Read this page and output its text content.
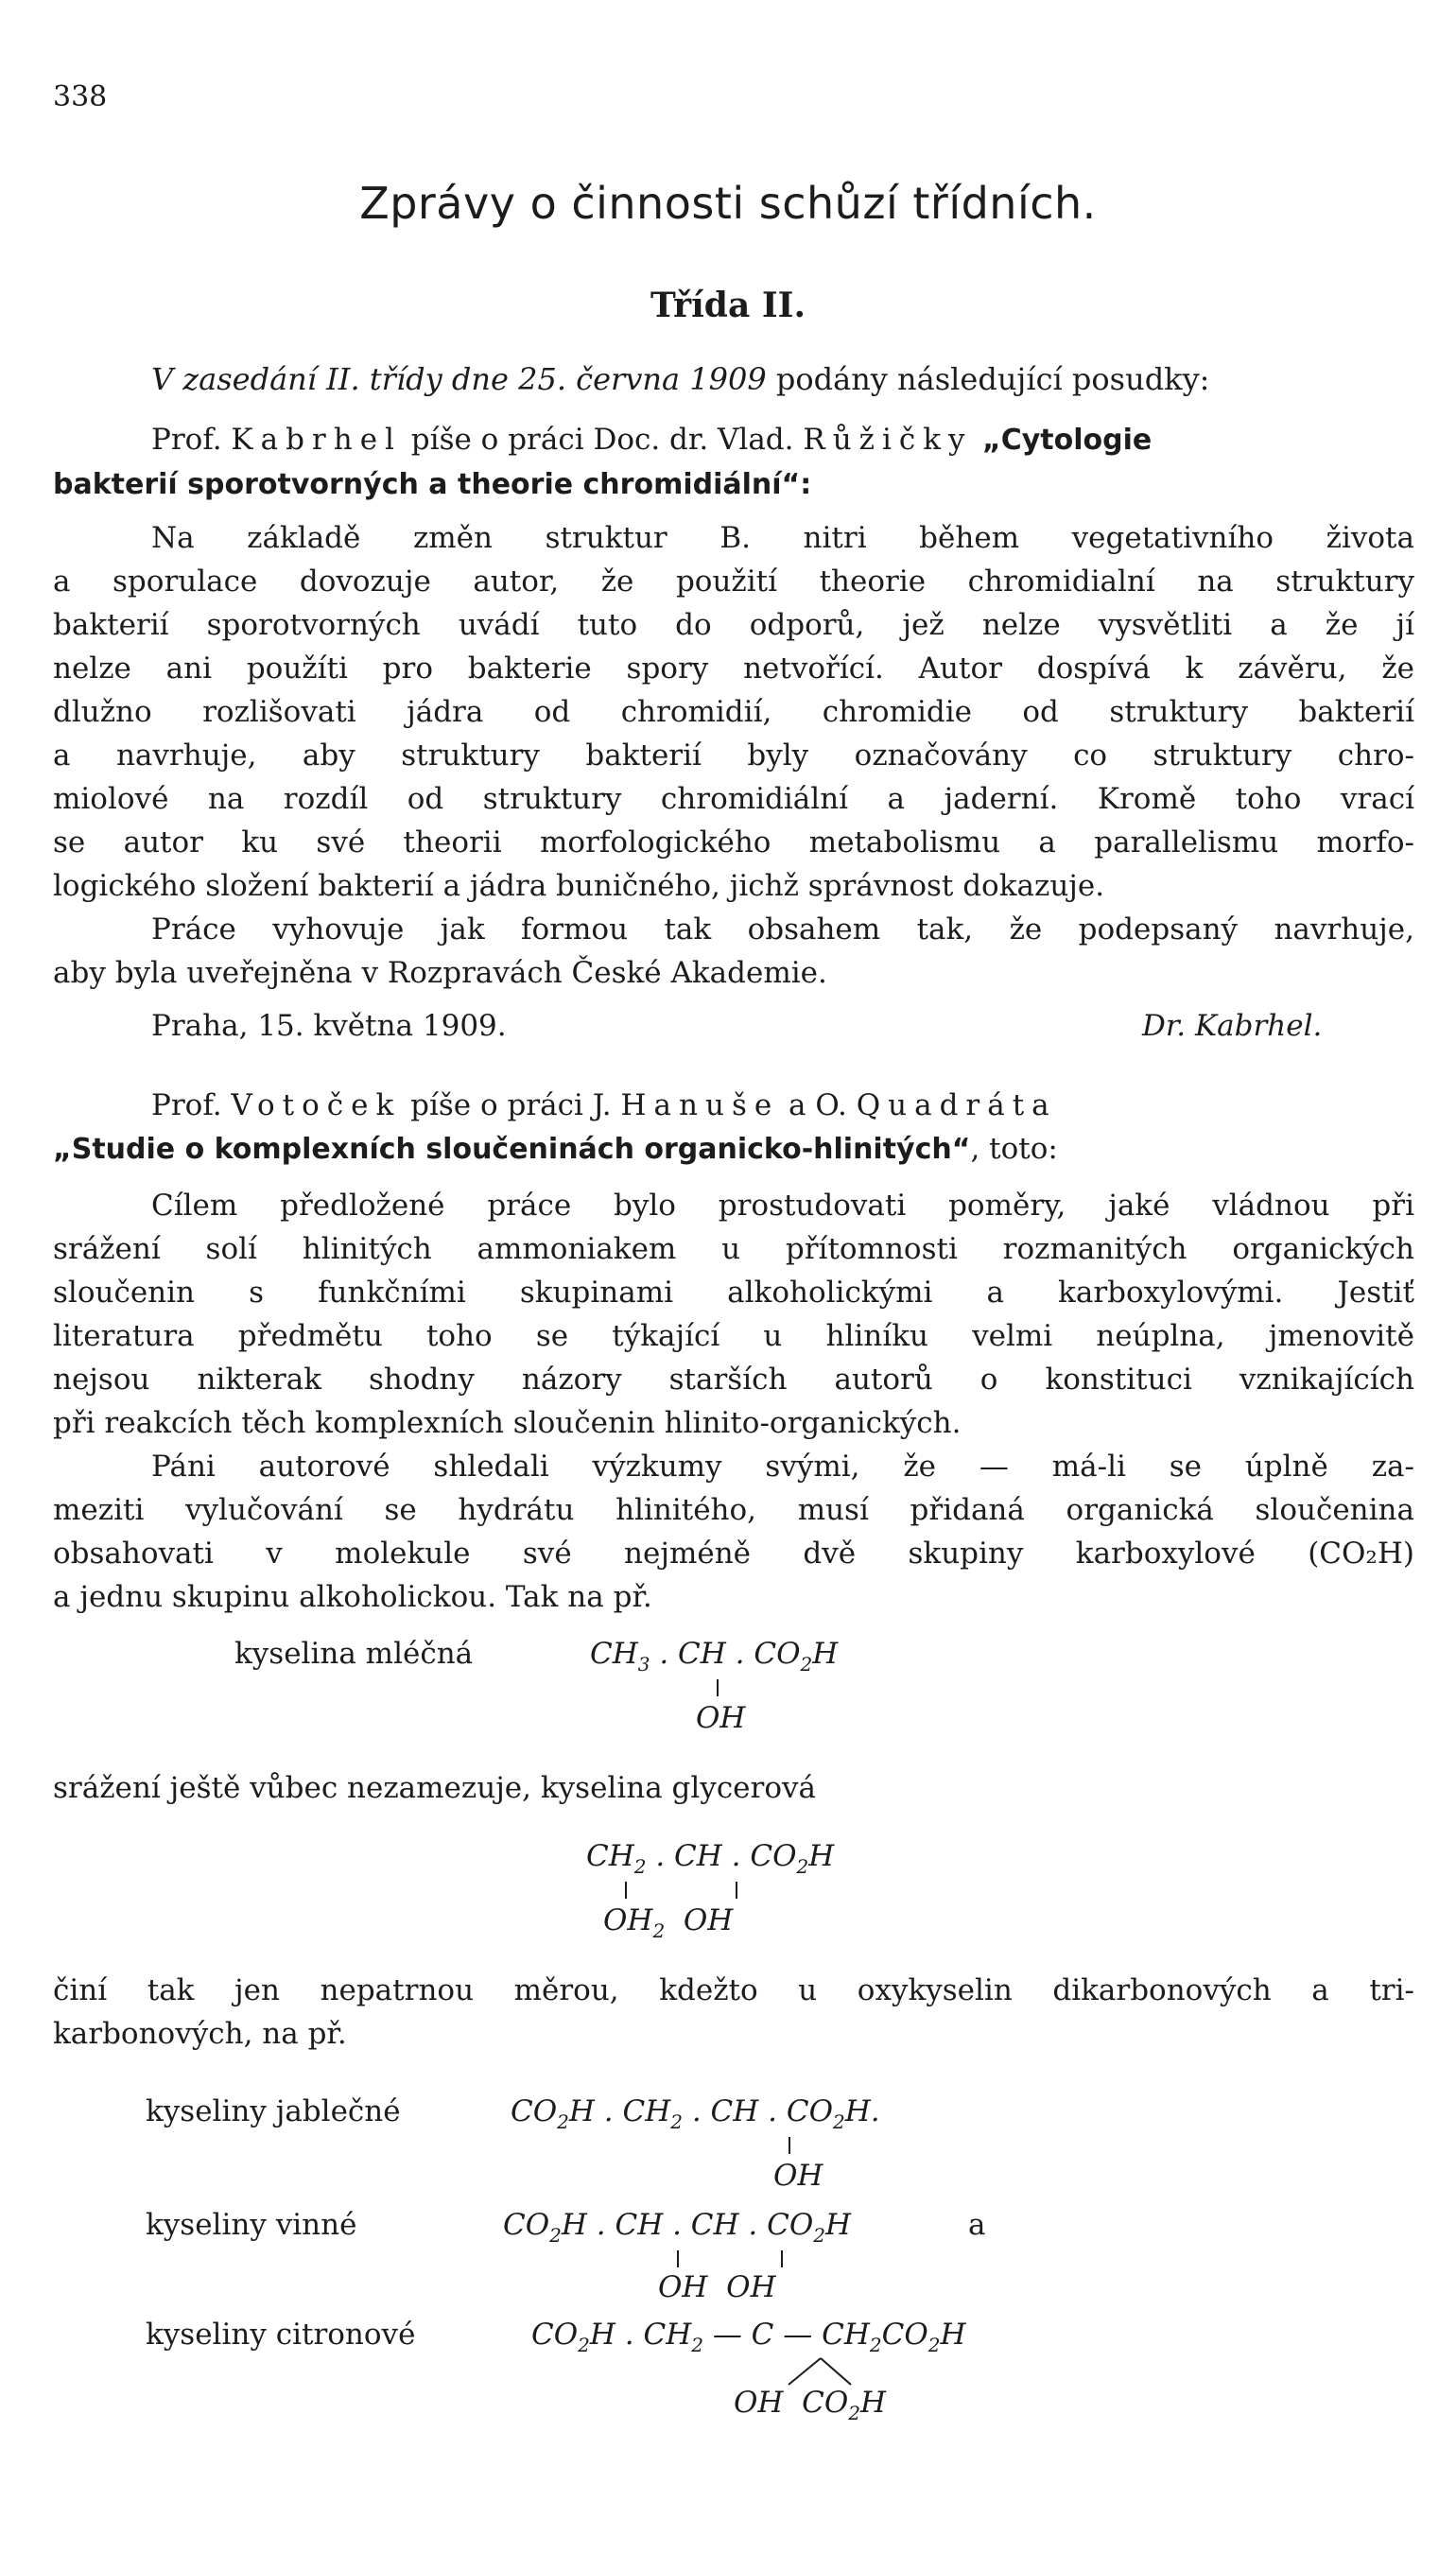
338
Zprávy o činnosti schůzí třídních.
Třída II.

V zasedání II. třídy dne 25. června 1909 podány následující posudky:

Prof. Kabrhel píše o práci Doc. dr. Vlad. Růžičky „Cytologie

bakterií sporotvorných a theorie chromidiální“:

Na základě změn struktur B. nitri během vegetativního života

a sporulace dovozuje autor, že použití theorie chromidialní na struktury

bakterií sporotvorných uvádí tuto do odporů, jež nelze vysvětliti a že jí

nelze ani použíti pro bakterie spory netvořící. Autor dospívá k závěru, že

dlužno rozlišovati jádra od chromidií, chromidie od struktury bakterií

a navrhuje, aby struktury bakterií byly označovány co struktury chro-

miolové na rozdíl od struktury chromidiální a jaderní. Kromě toho vrací

se autor ku své theorii morfologického metabolismu a parallelismu morfo-

logického složení bakterií a jádra buničného, jichž správnost dokazuje.

Práce vyhovuje jak formou tak obsahem tak, že podepsaný navrhuje,

aby byla uveřejněna v Rozpravách České Akademie.

Praha, 15. května 1909.	Dr. Kabrhel.

Prof. Votoček píše o práci J. Hanuše a O. Quadráta

„Studie o komplexních sloučeninách organicko-hlinitých“, toto:

Cílem předložené práce bylo prostudovati poměry, jaké vládnou při

srážení solí hlinitých ammoniakem u přítomnosti rozmanitých organických

sloučenin s funkčními skupinami alkoholickými a karboxylovými. Jestiť

literatura předmětu toho se týkající u hliníku velmi neúplna, jmenovitě

nejsou nikterak shodny názory starších autorů o konstituci vznikajících

při reakcích těch komplexních sloučenin hlinito-organických.

Páni autorové shledali výzkumy svými, že — má-li se úplně za-

meziti vylučování se hydrátu hlinitého, musí přidaná organická sloučenina

obsahovati v molekule své nejméně dvě skupiny karboxylové (CO₂H)

a jednu skupinu alkoholickou. Tak na př.

kyselina mléčná	$CH_3$ . CH . $CO_2H$
OH

srážení ještě vůbec nezamezuje, kyselina glycerová

$CH_2$ . CH . $CO_2H$
$OH_2$  OH

činí tak jen nepatrnou měrou, kdežto u oxykyselin dikarbonových a tri-

karbonových, na př.

kyseliny jablečné	$CO_2H$ . $CH_2$ . CH . $CO_2H$.
OH
kyseliny vinné	$CO_2H$ . CH . CH . $CO_2H$	a
OH  OH
kyseliny citronové	$CO_2H$ . $CH_2$ — C — $CH_2CO_2H$
OH  $CO_2H$
